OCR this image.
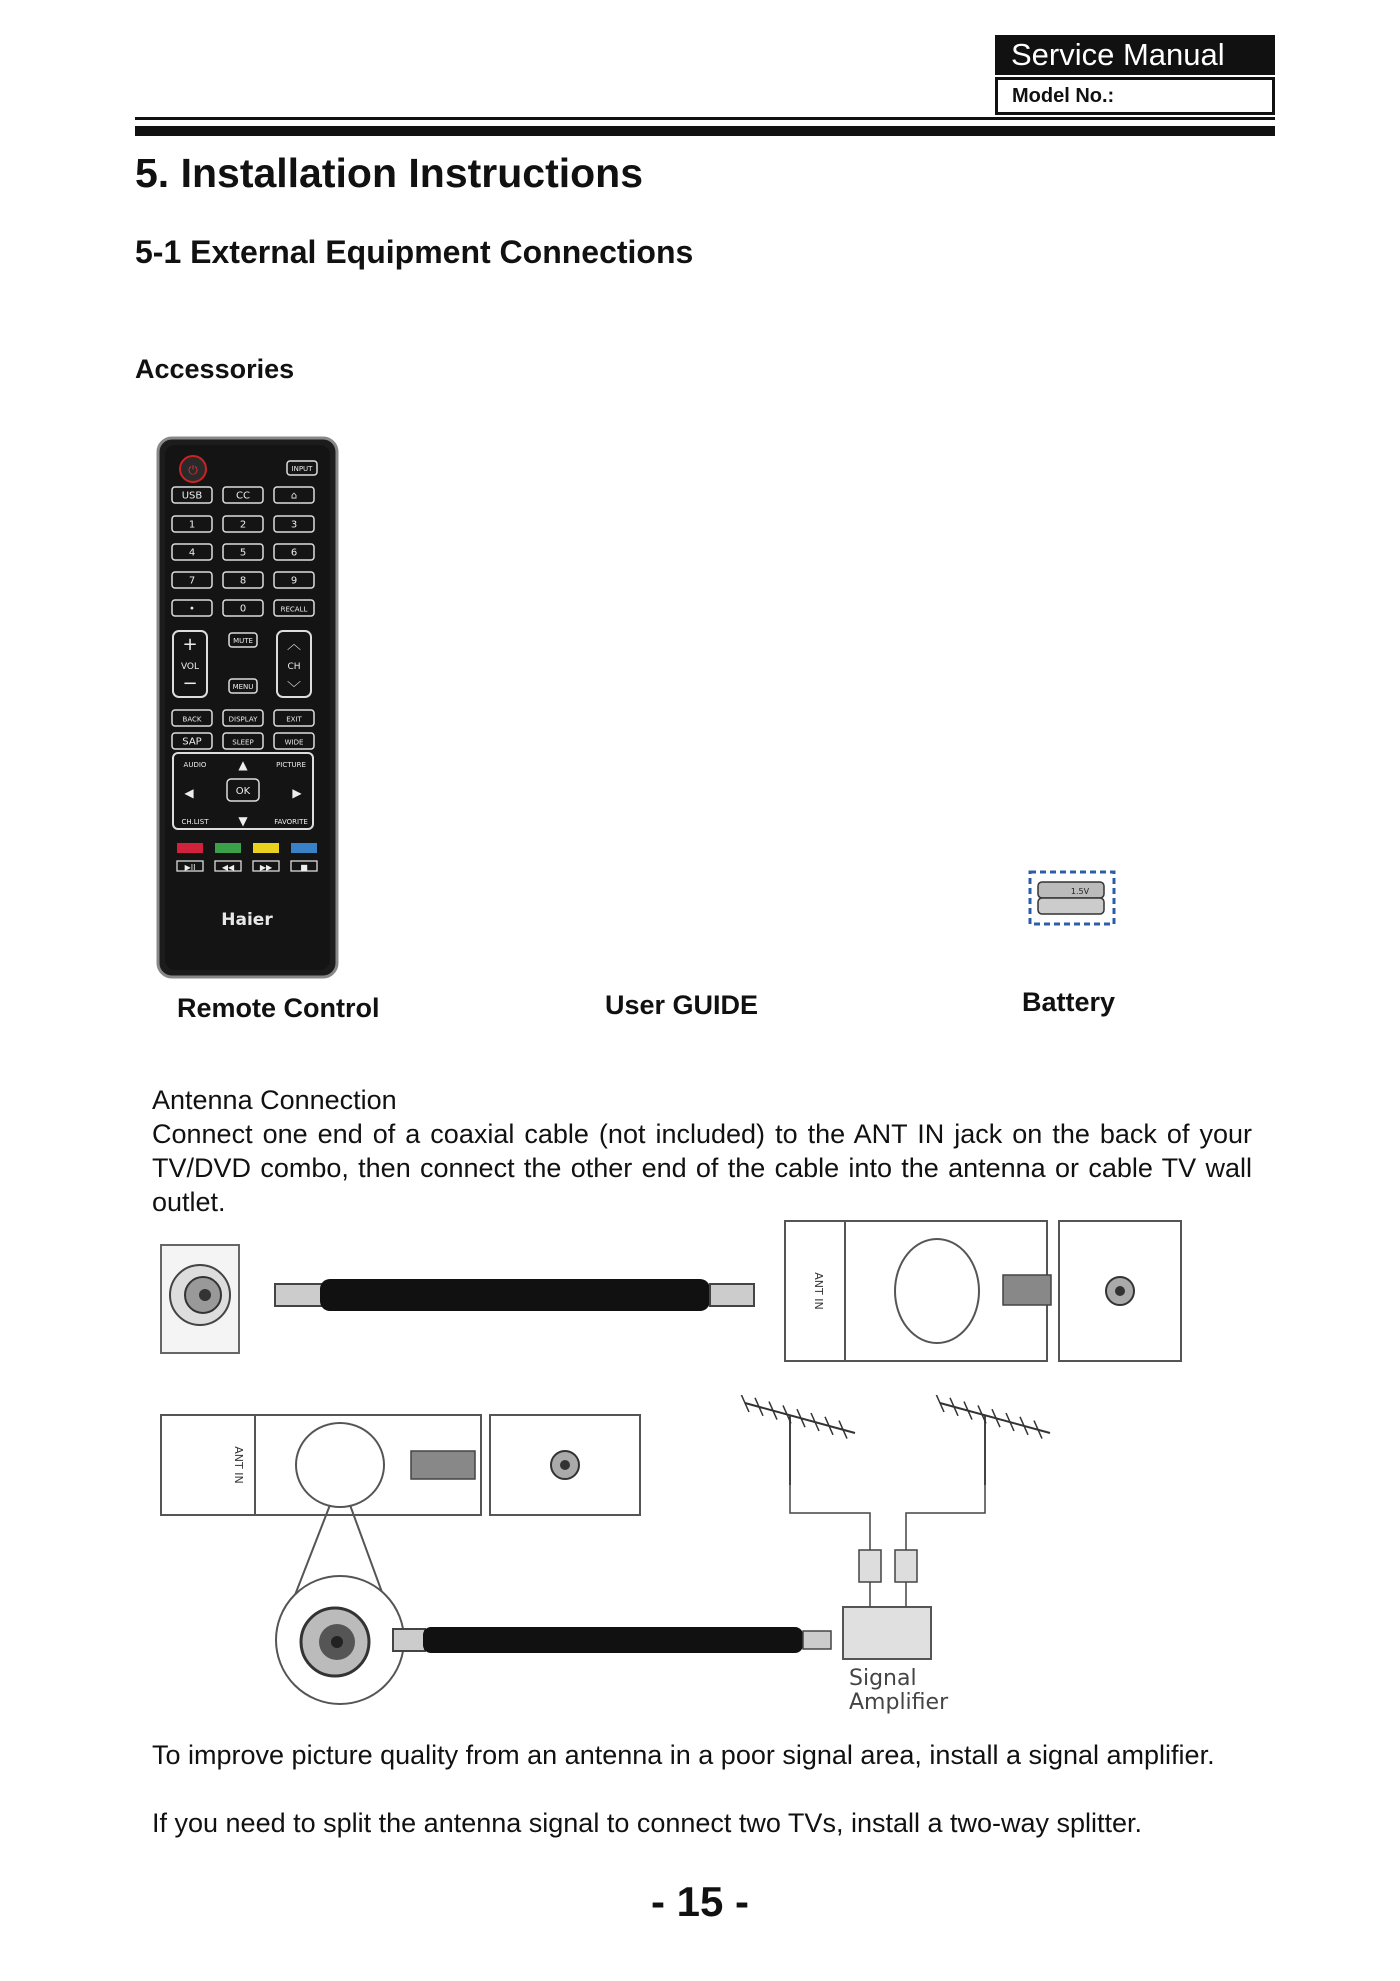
Service Manual
Model No.:
5. Installation Instructions
5-1 External Equipment Connections
Accessories
⏻	INPUT
USB	CC	⌂
1	2	3
4	5	6
7	8	9
•	0	RECALL
BACK	DISPLAY	EXIT
SAP	SLEEP	WIDE
+
VOL
−
︿
CH
﹀
MUTE
MENU
AUDIO	▲	PICTURE
◀	OK	▶
CH.LIST ▼	FAVORITE
▶II	◀◀	▶▶	■
Haier
1.5V
Remote Control	User GUIDE	Battery
Antenna Connection
Connect one end of a coaxial cable (not included) to the ANT IN jack on the back of your TV/DVD combo, then connect the other end of the cable into the antenna or cable TV wall outlet.
ANT IN
ANT IN
Signal
Amplifier
To improve picture quality from an antenna in a poor signal area, install a signal amplifier.
If you need to split the antenna signal to connect two TVs, install a two-way splitter.
- 15 -
